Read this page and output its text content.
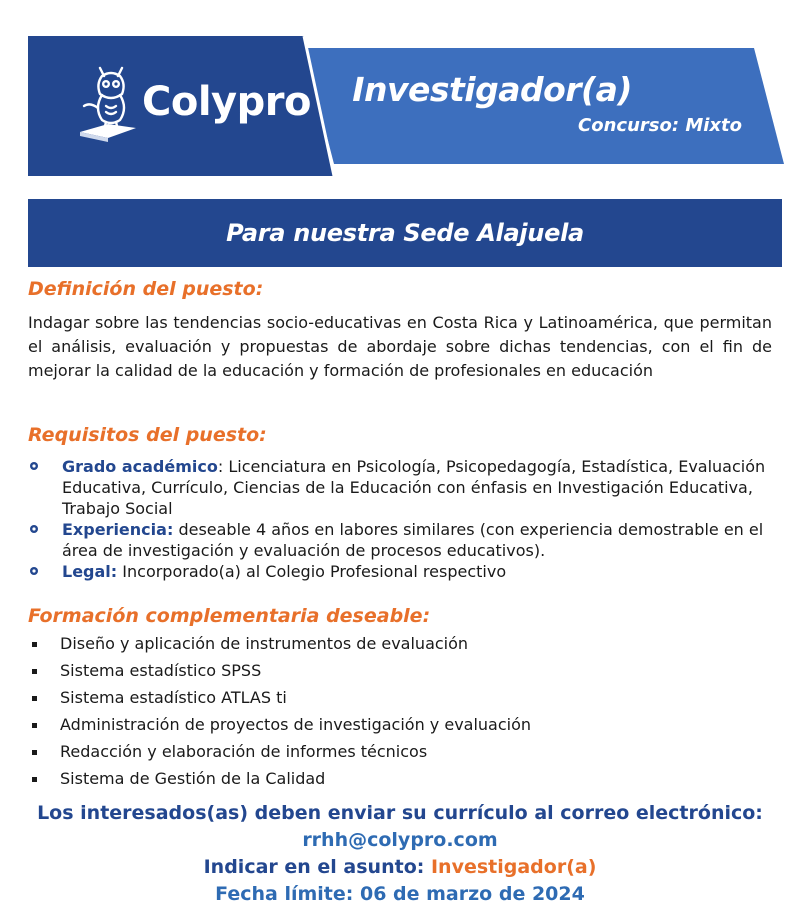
Colypro Investigador(a)
Concurso: Mixto
Para nuestra Sede Alajuela
Definición del puesto:
Indagar sobre las tendencias socio-educativas en Costa Rica y Latinoamérica, que permitan el análisis, evaluación y propuestas de abordaje sobre dichas tendencias, con el fin de mejorar la calidad de la educación y formación de profesionales en educación
Requisitos del puesto:
Grado académico: Licenciatura en Psicología, Psicopedagogía, Estadística, Evaluación Educativa, Currículo, Ciencias de la Educación con énfasis en Investigación Educativa, Trabajo Social
Experiencia: deseable 4 años en labores similares (con experiencia demostrable en el área de investigación y evaluación de procesos educativos).
Legal: Incorporado(a) al Colegio Profesional respectivo
Formación complementaria deseable:
Diseño y aplicación de instrumentos de evaluación
Sistema estadístico SPSS
Sistema estadístico ATLAS ti
Administración de proyectos de investigación y evaluación
Redacción y elaboración de informes técnicos
Sistema de Gestión de la Calidad
Los interesados(as) deben enviar su currículo al correo electrónico:
rrhh@colypro.com
Indicar en el asunto: Investigador(a)
Fecha límite: 06 de marzo de 2024
